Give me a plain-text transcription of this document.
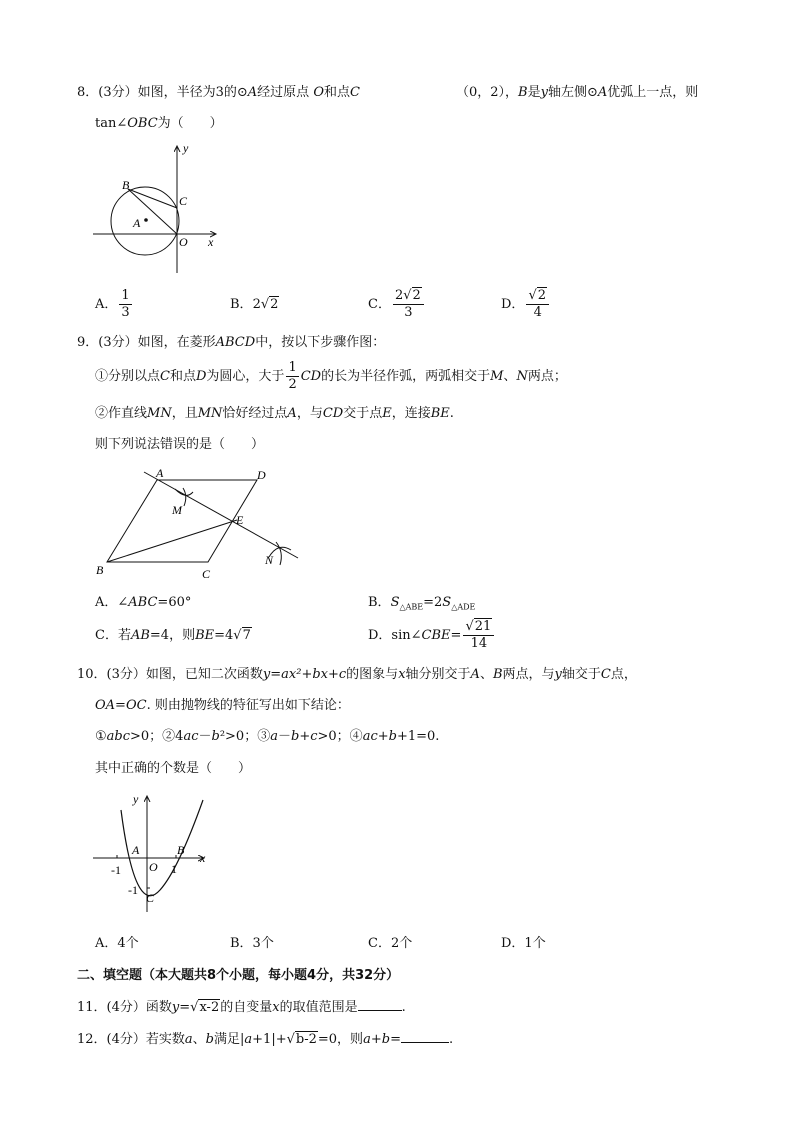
8．(3分）如图，半径为3的⊙A经过原点 O和点C	（0，2），B是y轴左侧⊙A优弧上一点，则
tan∠OBC为（　　）
B
C
A
O x
y
A． $\frac{1}{3}$	B．2√2	C． $\frac{2√2}{3}$	D． $\frac{√2}{4}$
9．(3分）如图，在菱形ABCD中，按以下步骤作图：
①分别以点C和点D为圆心，大于 $\frac{1}{2}$ CD的长为半径作弧，两弧相交于M、N两点；
②作直线MN，且MN恰好经过点A，与CD交于点E，连接BE.
则下列说法错误的是（　　）
A	D
M
E
N
B	C
A．∠ABC=60°	B．$S_{\triangle ABE}=2S_{\triangle ADE}$
C．若AB=4，则BE=4√7	D．sin∠CBE= $\frac{√21}{14}$
10．(3分）如图，已知二次函数y=ax²+bx+c的图象与x轴分别交于A、B两点，与y轴交于C点，
OA=OC. 则由抛物线的特征写出如下结论：
①abc>0；②4ac－b²>0；③a－b+c>0；④ac+b+1=0.
其中正确的个数是（　　）
y
x
A	B
O
-1	1
-1
C
A．4个	B．3个	C．2个	D．1个
二、填空题（本大题共8个小题，每小题4分，共32分）
11．(4分）函数y=√x-2的自变量x的取值范围是	.
12．(4分）若实数a、b满足|a+1|+√b-2=0，则a+b=	.
